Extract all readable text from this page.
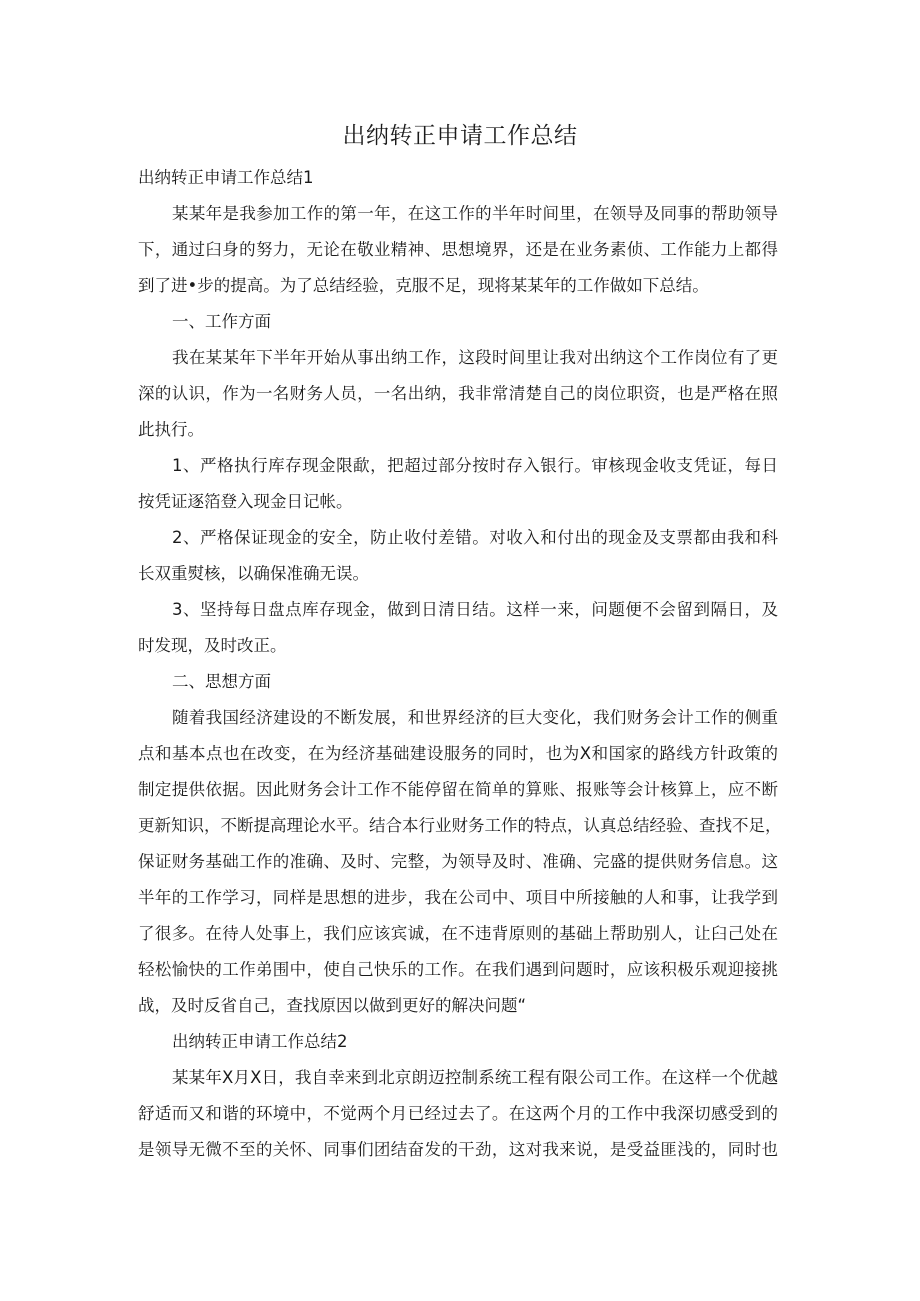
出纳转正申请工作总结
出纳转正申请工作总结1
某某年是我参加工作的第一年，在这工作的半年时间里，在领导及同事的帮助领导
下，通过臼身的努力，无论在敬业精神、思想境界，还是在业务素侦、工作能力上都得
到了进•步的提高。为了总结经验，克服不足，现将某某年的工作做如下总结。
一、工作方面
我在某某年下半年开始从事出纳工作，这段时间里让我对出纳这个工作岗位有了更
深的认识，作为一名财务人员，一名出纳，我非常清楚自己的岗位职资，也是严格在照
此执行。
1、严格执行库存现金限歃，把超过部分按时存入银行。审核现金收支凭证，每日
按凭证逐箔登入现金日记帐。
2、严格保证现金的安全，防止收付差错。对收入和付出的现金及支票都由我和科
长双重熨核，以确保准确无误。
3、坚持每日盘点库存现金，做到日清日结。这样一来，问题便不会留到隔日，及
时发现，及时改正。
二、思想方面
随着我国经济建设的不断发展，和世界经济的巨大变化，我们财务会计工作的侧重
点和基本点也在改变，在为经济基础建设服务的同时，也为X和国家的路线方针政策的
制定提供依据。因此财务会计工作不能停留在简单的算账、报账等会计核算上，应不断
更新知识，不断提高理论水平。结合本行业财务工作的特点，认真总结经验、查找不足，
保证财务基础工作的准确、及时、完整，为领导及时、准确、完盛的提供财务信息。这
半年的工作学习，同样是思想的进步，我在公司中、项目中所接触的人和事，让我学到
了很多。在待人处事上，我们应该宾诚，在不违背原则的基础上帮助别人，让臼己处在
轻松愉快的工作弟围中，使自己快乐的工作。在我们遇到问题时，应该积极乐观迎接挑
战，及时反省自己，查找原因以做到更好的解决问题“
出纳转正申请工作总结2
某某年X月X日，我自幸来到北京朗迈控制系统工程有限公司工作。在这样一个优越
舒适而又和谐的环境中，不觉两个月已经过去了。在这两个月的工作中我深切感受到的
是领导无微不至的关怀、同事们团结奋发的干劲，这对我来说，是受益匪浅的，同时也
